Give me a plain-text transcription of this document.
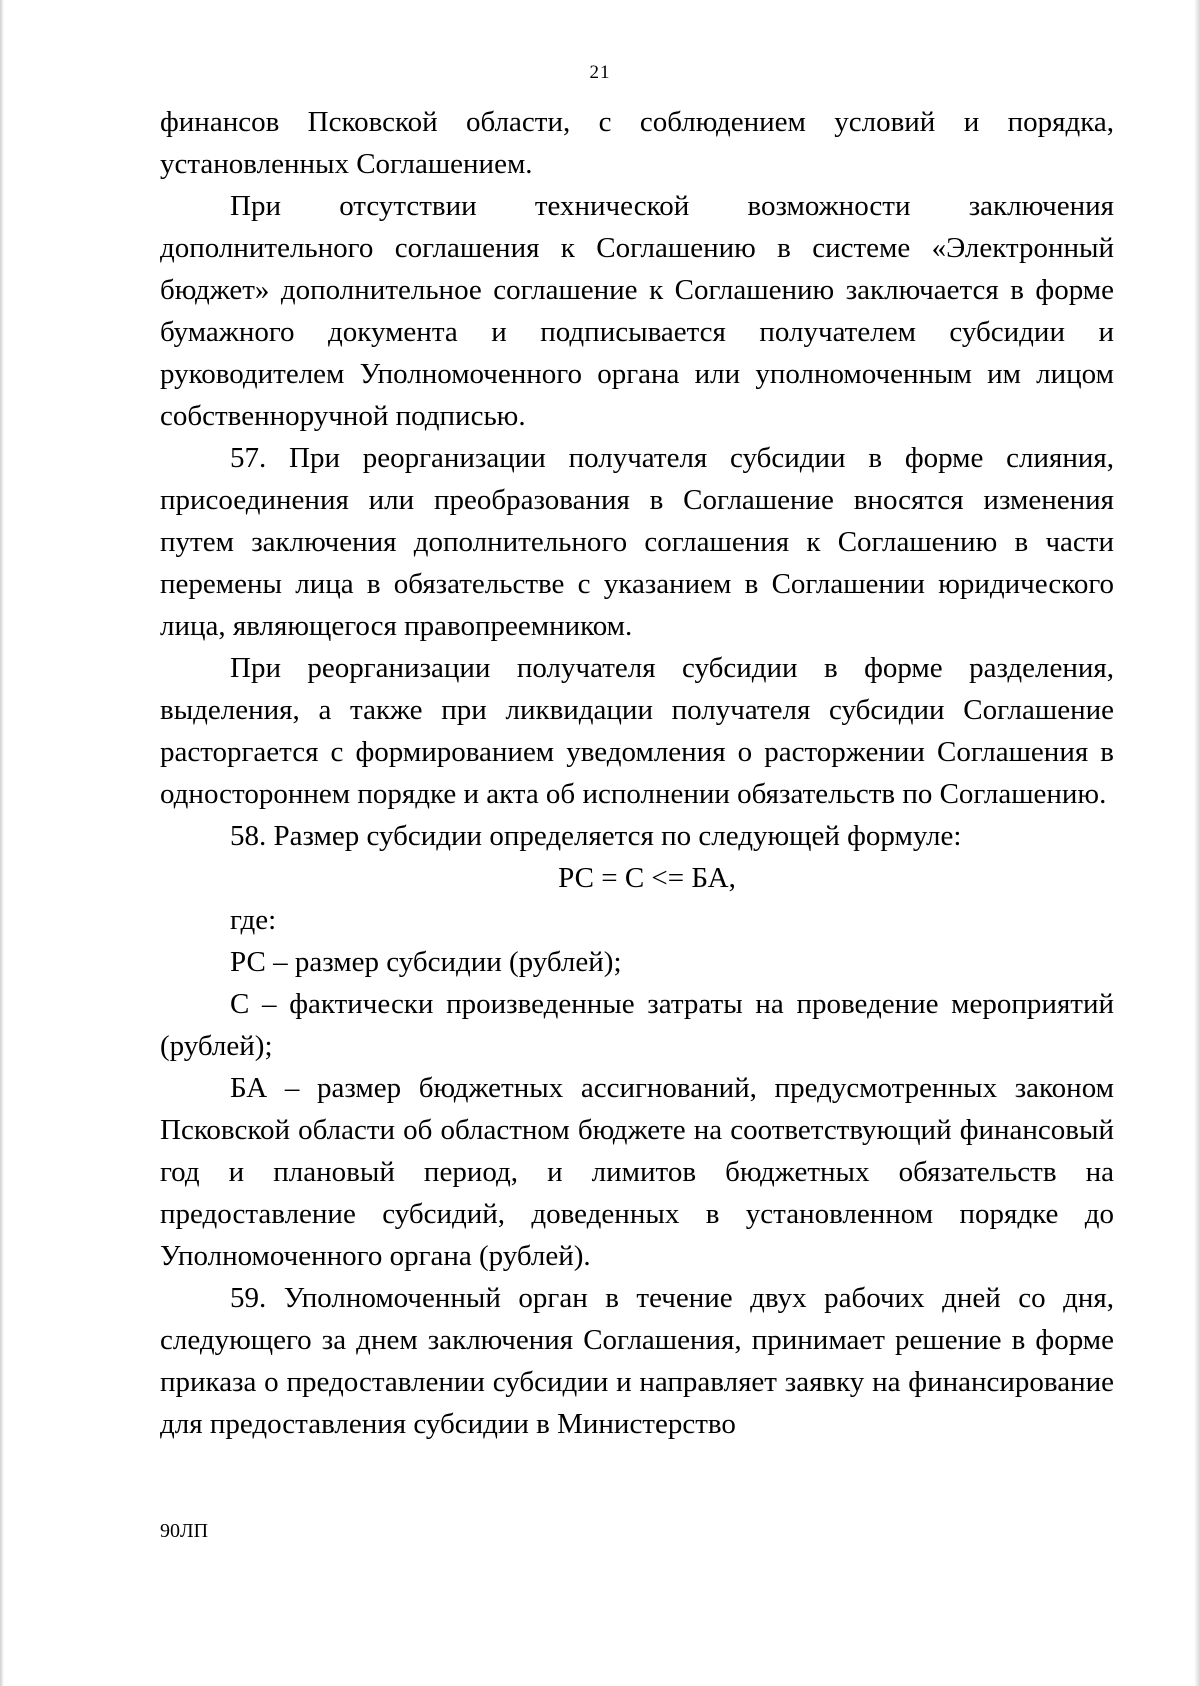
21

финансов Псковской области, с соблюдением условий и порядка, установленных Соглашением.

При отсутствии технической возможности заключения дополнительного соглашения к Соглашению в системе «Электронный бюджет» дополнительное соглашение к Соглашению заключается в форме бумажного документа и подписывается получателем субсидии и руководителем Уполномоченного органа или уполномоченным им лицом собственноручной подписью.

57. При реорганизации получателя субсидии в форме слияния, присоединения или преобразования в Соглашение вносятся изменения путем заключения дополнительного соглашения к Соглашению в части перемены лица в обязательстве с указанием в Соглашении юридического лица, являющегося правопреемником.

При реорганизации получателя субсидии в форме разделения, выделения, а также при ликвидации получателя субсидии Соглашение расторгается с формированием уведомления о расторжении Соглашения в одностороннем порядке и акта об исполнении обязательств по Соглашению.

58. Размер субсидии определяется по следующей формуле:

РС = С <= БА,

где:

РС – размер субсидии (рублей);

С – фактически произведенные затраты на проведение мероприятий (рублей);

БА – размер бюджетных ассигнований, предусмотренных законом Псковской области об областном бюджете на соответствующий финансовый год и плановый период, и лимитов бюджетных обязательств на предоставление субсидий, доведенных в установленном порядке до Уполномоченного органа (рублей).

59. Уполномоченный орган в течение двух рабочих дней со дня, следующего за днем заключения Соглашения, принимает решение в форме приказа о предоставлении субсидии и направляет заявку на финансирование для предоставления субсидии в Министерство

90ЛП
